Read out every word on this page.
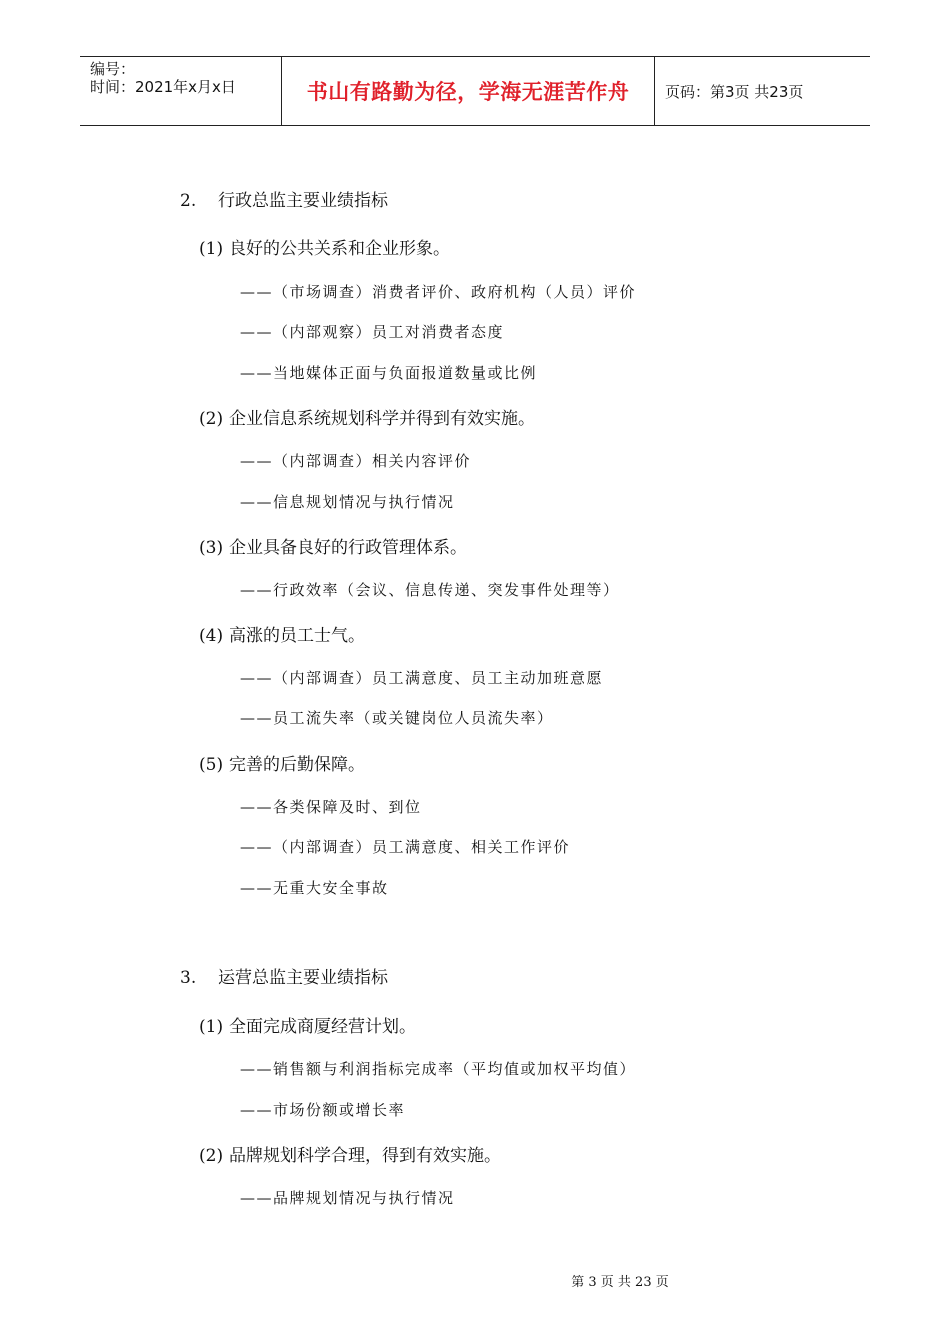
编号：
时间：2021年x月x日	书山有路勤为径，学海无涯苦作舟	页码：第3页 共23页
2. 行政总监主要业绩指标
(1) 良好的公共关系和企业形象。
——（市场调查）消费者评价、政府机构（人员）评价
——（内部观察）员工对消费者态度
——当地媒体正面与负面报道数量或比例
(2) 企业信息系统规划科学并得到有效实施。
——（内部调查）相关内容评价
——信息规划情况与执行情况
(3) 企业具备良好的行政管理体系。
——行政效率（会议、信息传递、突发事件处理等）
(4) 高涨的员工士气。
——（内部调查）员工满意度、员工主动加班意愿
——员工流失率（或关键岗位人员流失率）
(5) 完善的后勤保障。
——各类保障及时、到位
——（内部调查）员工满意度、相关工作评价
——无重大安全事故
3. 运营总监主要业绩指标
(1) 全面完成商厦经营计划。
——销售额与利润指标完成率（平均值或加权平均值）
——市场份额或增长率
(2) 品牌规划科学合理，得到有效实施。
——品牌规划情况与执行情况
第 3 页 共 23 页
